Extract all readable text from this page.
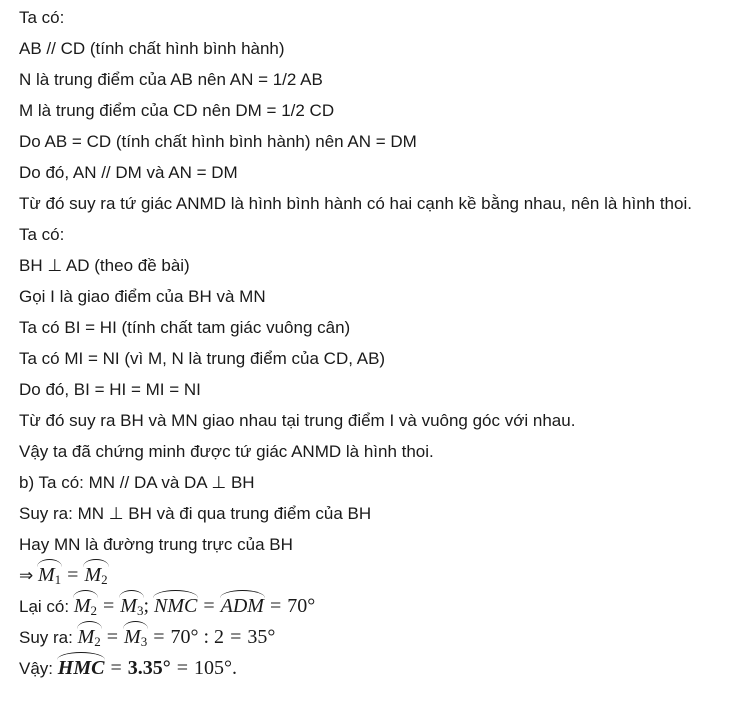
Ta có:
AB // CD (tính chất hình bình hành)
N là trung điểm của AB nên AN = 1/2 AB
M là trung điểm của CD nên DM = 1/2 CD
Do AB = CD (tính chất hình bình hành) nên AN = DM
Do đó, AN // DM và AN = DM
Từ đó suy ra tứ giác ANMD là hình bình hành có hai cạnh kề bằng nhau, nên là hình thoi.
Ta có:
BH ⊥ AD (theo đề bài)
Gọi I là giao điểm của BH và MN
Ta có BI = HI (tính chất tam giác vuông cân)
Ta có MI = NI (vì M, N là trung điểm của CD, AB)
Do đó, BI = HI = MI = NI
Từ đó suy ra BH và MN giao nhau tại trung điểm I và vuông góc với nhau.
Vậy ta đã chứng minh được tứ giác ANMD là hình thoi.
b) Ta có: MN // DA và DA ⊥ BH
Suy ra: MN ⊥ BH và đi qua trung điểm của BH
Hay MN là đường trung trực của BH
⇒ $M_1 = M_2$
Lại có: $M_2 = M_3$; NMC = ADM = 70°
Suy ra: $M_2 = M_3 = 70^\circ$ : 2 = 35°
Vậy: HMC = 3.35° = 105°.
